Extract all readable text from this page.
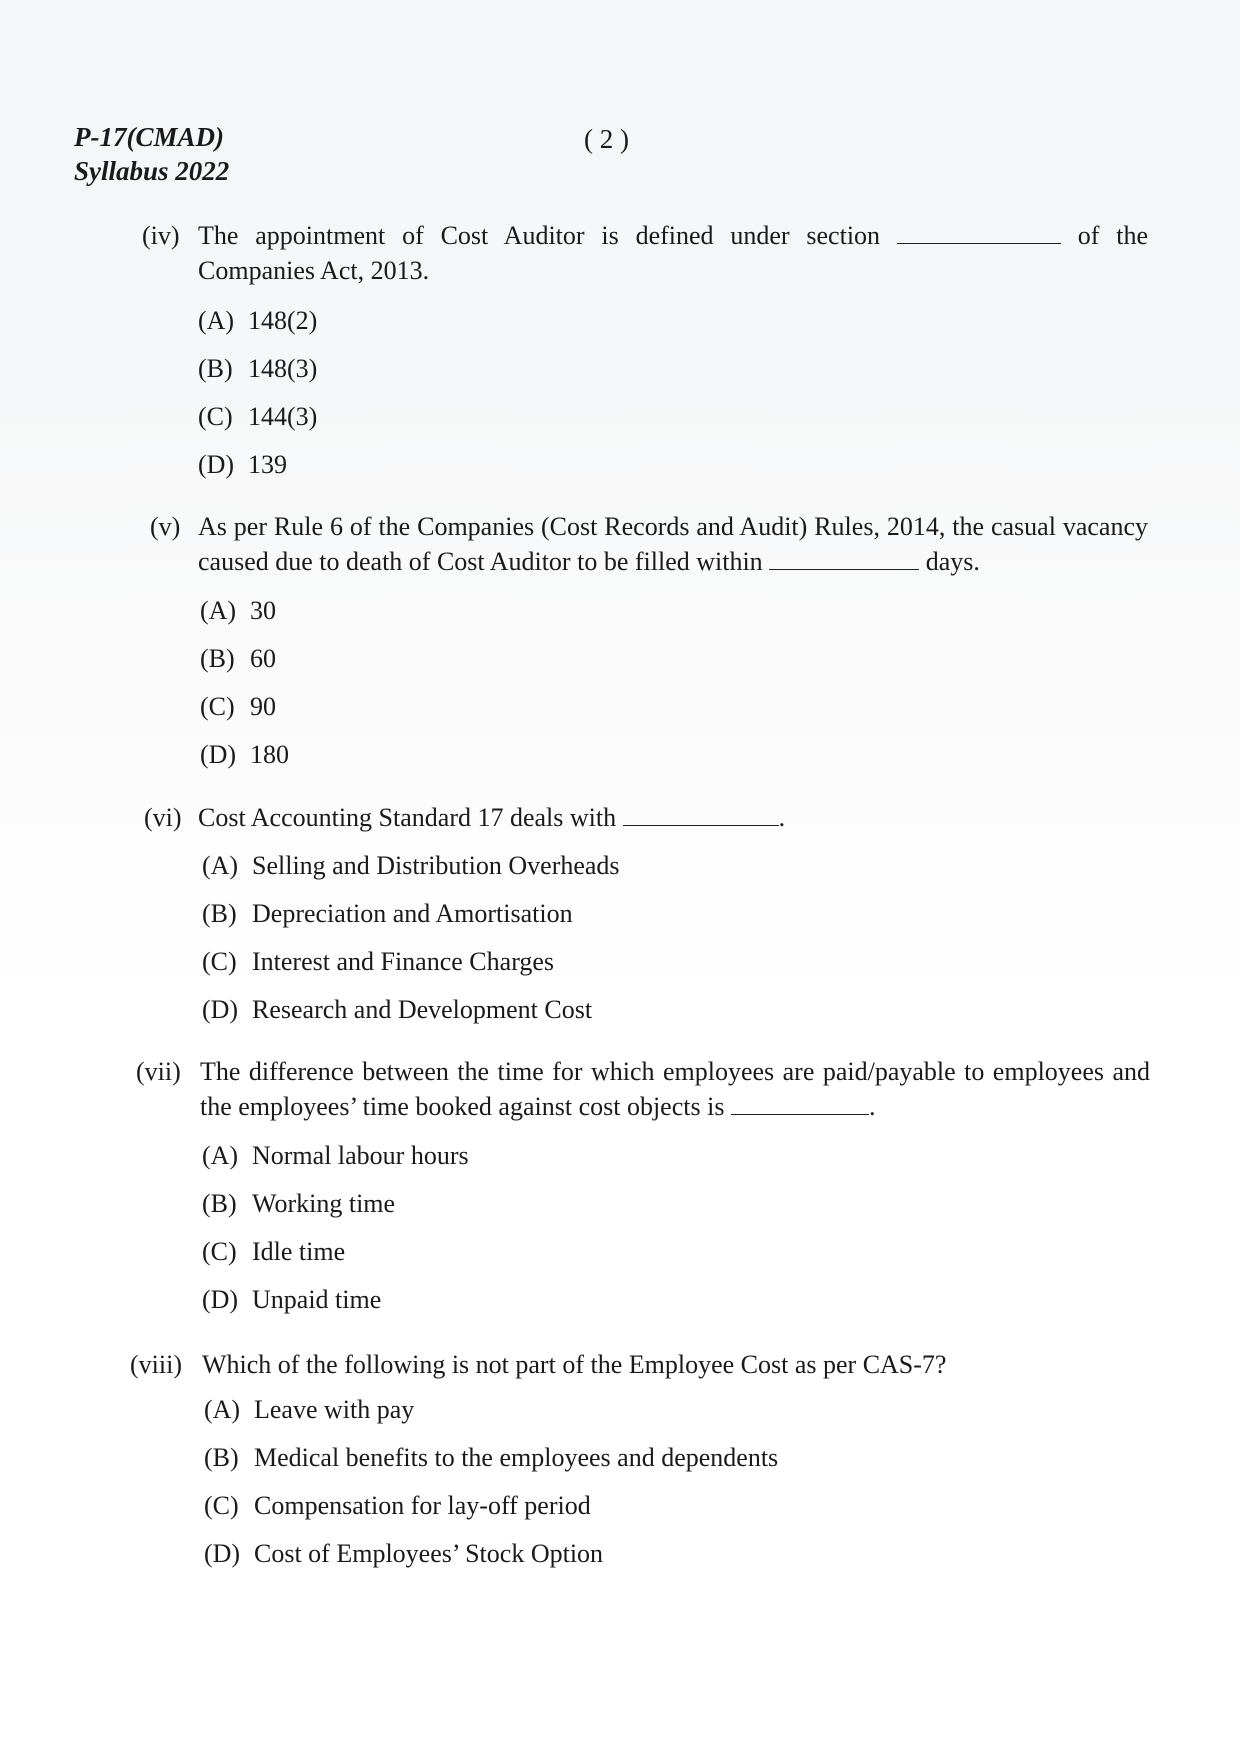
P-17(CMAD)
Syllabus 2022
( 2 )
(iv) The appointment of Cost Auditor is defined under section	of the Companies Act, 2013.
(A) 148(2)
(B) 148(3)
(C) 144(3)
(D) 139
(v) As per Rule 6 of the Companies (Cost Records and Audit) Rules, 2014, the casual vacancy caused due to death of Cost Auditor to be filled within	days.
(A) 30
(B) 60
(C) 90
(D) 180
(vi) Cost Accounting Standard 17 deals with	.
(A) Selling and Distribution Overheads
(B) Depreciation and Amortisation
(C) Interest and Finance Charges
(D) Research and Development Cost
(vii) The difference between the time for which employees are paid/payable to employees and the employees’ time booked against cost objects is	.
(A) Normal labour hours
(B) Working time
(C) Idle time
(D) Unpaid time
(viii) Which of the following is not part of the Employee Cost as per CAS-7?
(A) Leave with pay
(B) Medical benefits to the employees and dependents
(C) Compensation for lay-off period
(D) Cost of Employees’ Stock Option
